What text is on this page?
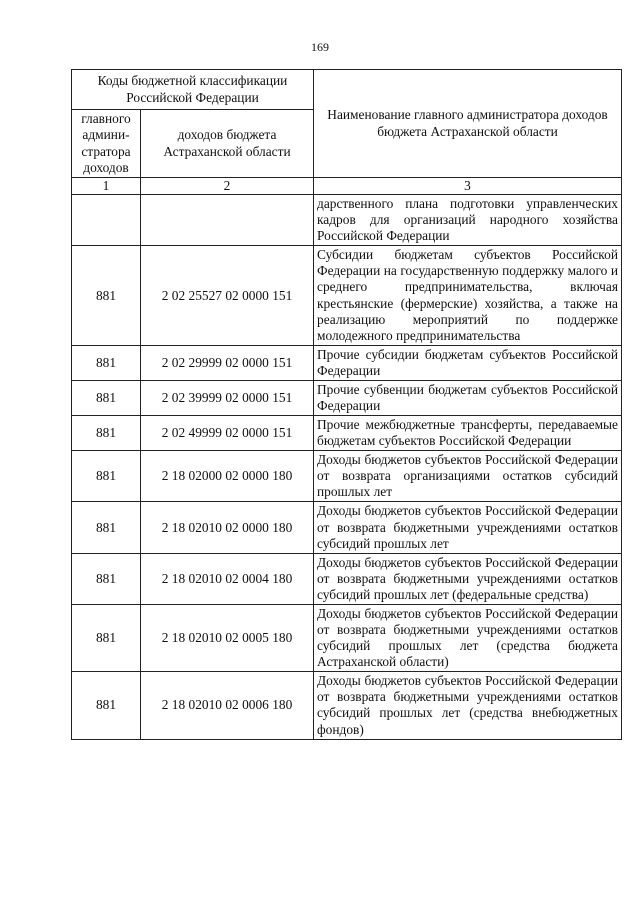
169
Коды бюджетной классификации Российской Федерации		Наименование главного администратора доходов бюджета Астраханской области
главного админи-стратора доходов	доходов бюджета Астраханской области	
1	2	3
		дарственного плана подготовки управленческих кадров для организаций народного хозяйства Российской Федерации
881	2 02 25527 02 0000 151	Субсидии бюджетам субъектов Российской Федерации на государственную поддержку малого и среднего предпринимательства, включая крестьянские (фермерские) хозяйства, а также на реализацию мероприятий по поддержке молодежного предпринимательства
881	2 02 29999 02 0000 151	Прочие субсидии бюджетам субъектов Российской Федерации
881	2 02 39999 02 0000 151	Прочие субвенции бюджетам субъектов Российской Федерации
881	2 02 49999 02 0000 151	Прочие межбюджетные трансферты, передаваемые бюджетам субъектов Российской Федерации
881	2 18 02000 02 0000 180	Доходы бюджетов субъектов Российской Федерации от возврата организациями остатков субсидий прошлых лет
881	2 18 02010 02 0000 180	Доходы бюджетов субъектов Российской Федерации от возврата бюджетными учреждениями остатков субсидий прошлых лет
881	2 18 02010 02 0004 180	Доходы бюджетов субъектов Российской Федерации от возврата бюджетными учреждениями остатков субсидий прошлых лет (федеральные средства)
881	2 18 02010 02 0005 180	Доходы бюджетов субъектов Российской Федерации от возврата бюджетными учреждениями остатков субсидий прошлых лет (средства бюджета Астраханской области)
881	2 18 02010 02 0006 180	Доходы бюджетов субъектов Российской Федерации от возврата бюджетными учреждениями остатков субсидий прошлых лет (средства внебюджетных фондов)
